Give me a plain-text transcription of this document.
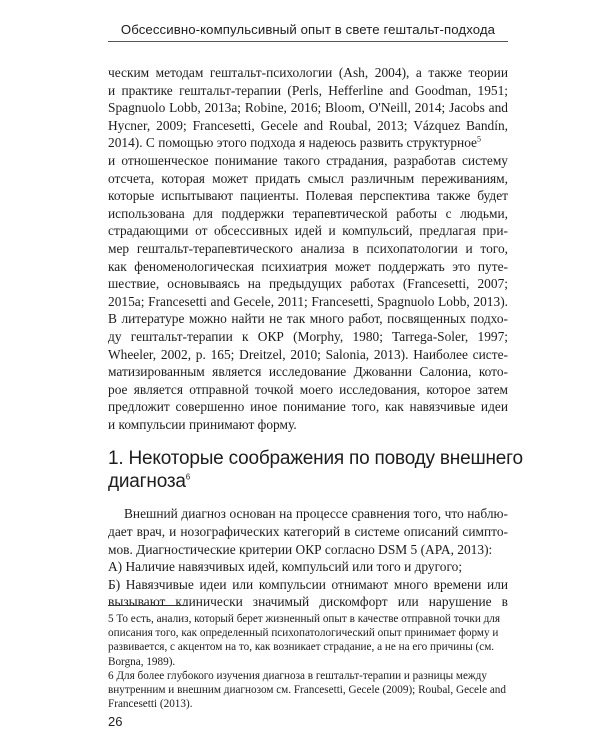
Обсессивно-компульсивный опыт в свете гештальт-подхода
ческим методам гештальт-психологии (Ash, 2004), а также теории
и практике гештальт-терапии (Perls, Hefferline and Goodman, 1951;
Spagnuolo Lobb, 2013a; Robine, 2016; Bloom, O'Neill, 2014; Jacobs and
Hycner, 2009; Francesetti, Gecele and Roubal, 2013; Vázquez Bandín,
2014). С помощью этого подхода я надеюсь развить структурное$^5$
и отношенческое понимание такого страдания, разработав систему
отсчета, которая может придать смысл различным переживаниям,
которые испытывают пациенты. Полевая перспектива также будет
использована для поддержки терапевтической работы с людьми,
страдающими от обсессивных идей и компульсий, предлагая при-
мер гештальт-терапевтического анализа в психопатологии и того,
как феноменологическая психиатрия может поддержать это путе-
шествие, основываясь на предыдущих работах (Francesetti, 2007;
2015a; Francesetti and Gecele, 2011; Francesetti, Spagnuolo Lobb, 2013).
В литературе можно найти не так много работ, посвященных подхо-
ду гештальт-терапии к ОКР (Morphy, 1980; Tarrega-Soler, 1997;
Wheeler, 2002, p. 165; Dreitzel, 2010; Salonia, 2013). Наиболее систе-
матизированным является исследование Джованни Салониа, кото-
рое является отправной точкой моего исследования, которое затем
предложит совершенно иное понимание того, как навязчивые идеи
и компульсии принимают форму.
1. Некоторые соображения по поводу внешнего
диагноза$^6$
Внешний диагноз основан на процессе сравнения того, что наблю-
дает врач, и нозографических категорий в системе описаний симпто-
мов. Диагностические критерии ОКР согласно DSM 5 (APA, 2013):
А) Наличие навязчивых идей, компульсий или того и другого;
Б) Навязчивые идеи или компульсии отнимают много времени или
вызывают клинически значимый дискомфорт или нарушение в
5 То есть, анализ, который берет жизненный опыт в качестве отправной точки для
описания того, как определенный психопатологический опыт принимает форму и
развивается, с акцентом на то, как возникает страдание, а не на его причины (см.
Borgna, 1989).
6 Для более глубокого изучения диагноза в гештальт-терапии и разницы между
внутренним и внешним диагнозом см. Francesetti, Gecele (2009); Roubal, Gecele and
Francesetti (2013).
26
